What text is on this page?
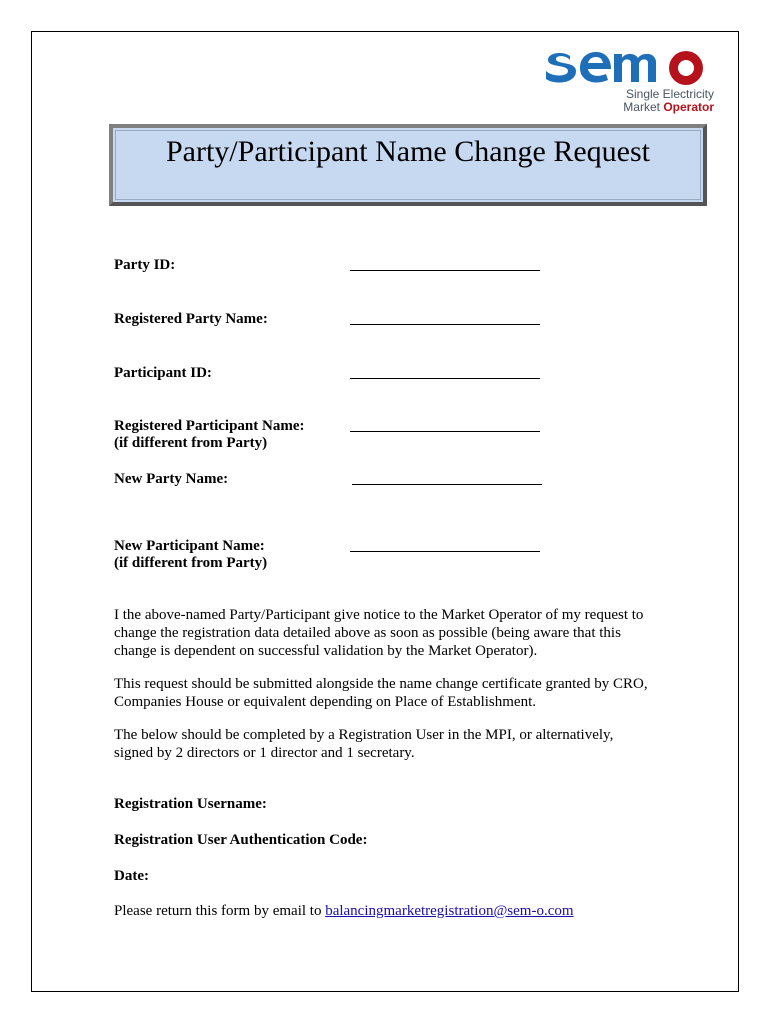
Single Electricity
Market Operator
Party/Participant Name Change Request
Party ID:
Registered Party Name:
Participant ID:
Registered Participant Name:
(if different from Party)
New Party Name:
New Participant Name:
(if different from Party)
I the above-named Party/Participant give notice to the Market Operator of my request to
change the registration data detailed above as soon as possible (being aware that this
change is dependent on successful validation by the Market Operator).
This request should be submitted alongside the name change certificate granted by CRO,
Companies House or equivalent depending on Place of Establishment.
The below should be completed by a Registration User in the MPI, or alternatively,
signed by 2 directors or 1 director and 1 secretary.
Registration Username:
Registration User Authentication Code:
Date:
Please return this form by email to balancingmarketregistration@sem-o.com
